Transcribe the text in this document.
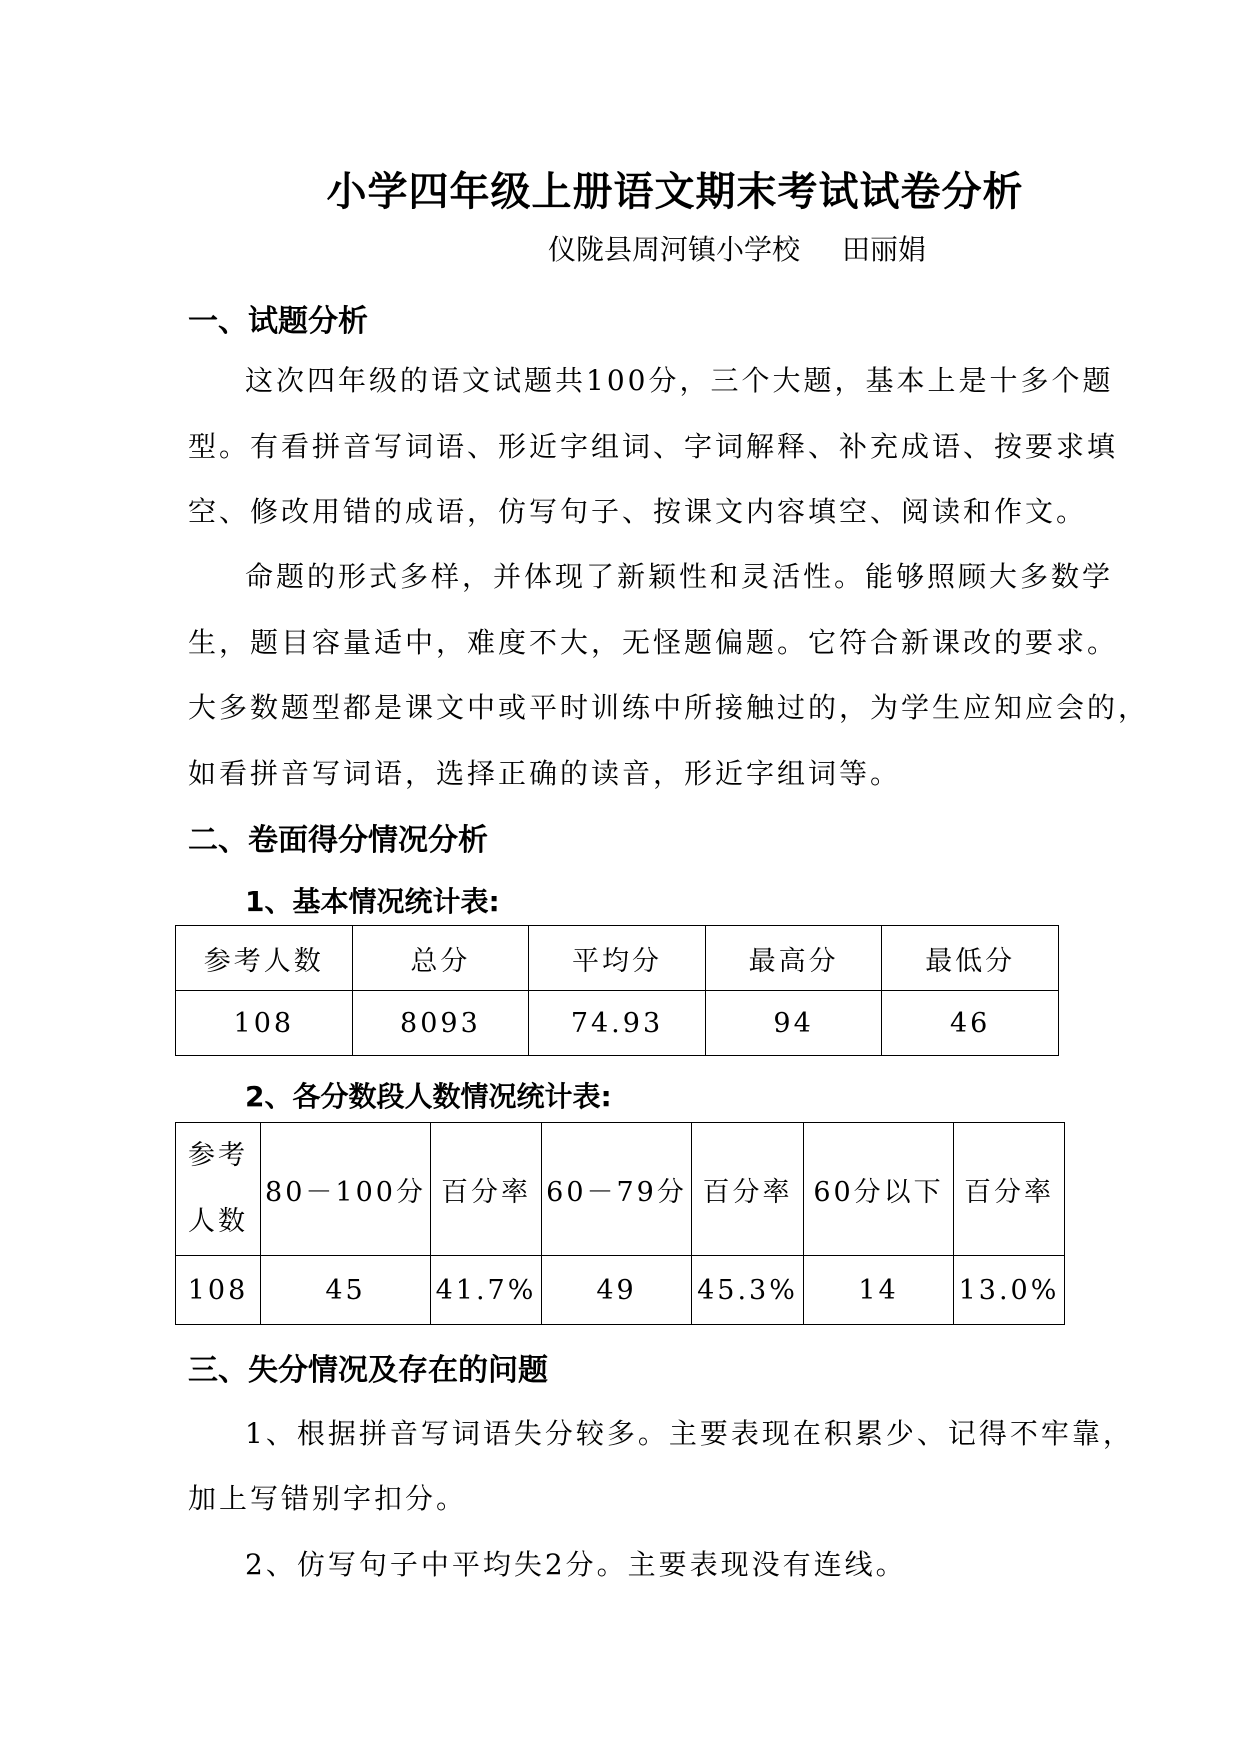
小学四年级上册语文期末考试试卷分析
仪陇县周河镇小学校 田丽娟
一、试题分析
这次四年级的语文试题共100分，三个大题，基本上是十多个题
型。有看拼音写词语、形近字组词、字词解释、补充成语、按要求填
空、修改用错的成语，仿写句子、按课文内容填空、阅读和作文。
命题的形式多样，并体现了新颖性和灵活性。能够照顾大多数学
生，题目容量适中，难度不大，无怪题偏题。它符合新课改的要求。
大多数题型都是课文中或平时训练中所接触过的，为学生应知应会的，
如看拼音写词语，选择正确的读音，形近字组词等。
二、卷面得分情况分析
1、基本情况统计表:
参考人数	总分	平均分	最高分	最低分
108	8093	74.93	94	46
2、各分数段人数情况统计表:
参考
人数	80－100分	百分率	60－79分	百分率	60分以下	百分率
108	45	41.7%	49	45.3%	14	13.0%
三、失分情况及存在的问题
1、根据拼音写词语失分较多。主要表现在积累少、记得不牢靠，
加上写错别字扣分。
2、仿写句子中平均失2分。主要表现没有连线。
